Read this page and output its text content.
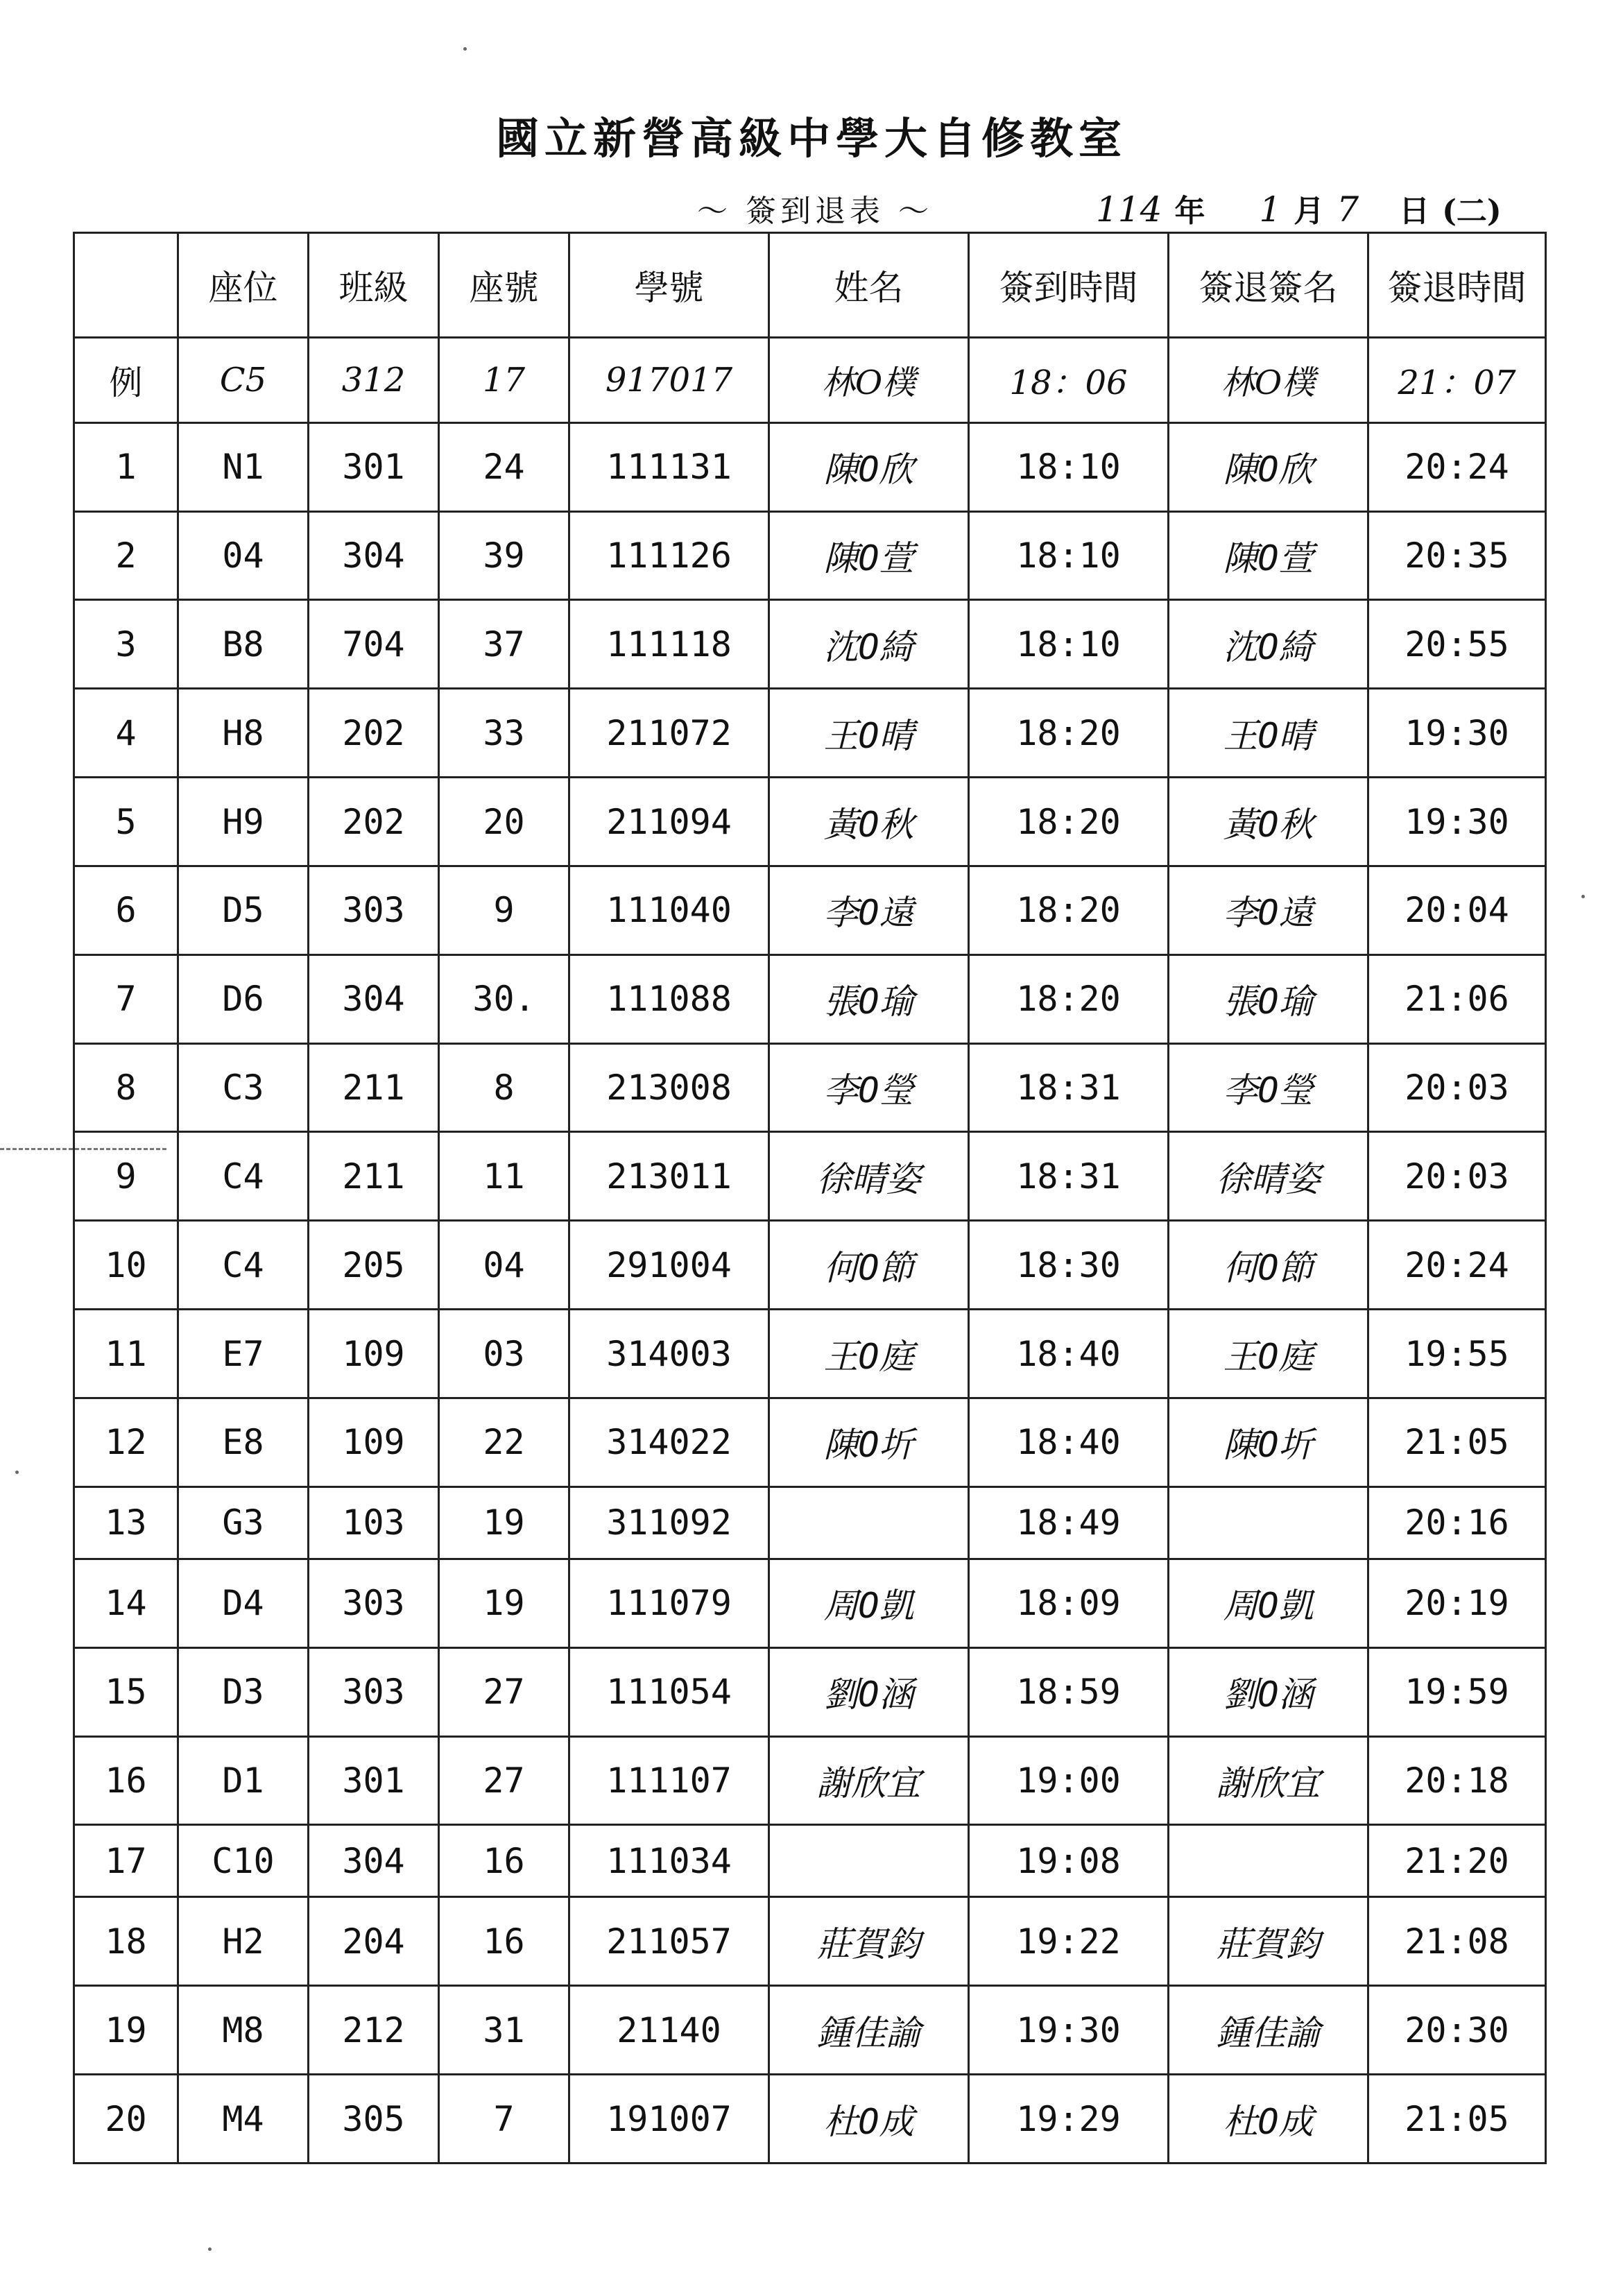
國立新營高級中學大自修教室
～ 簽到退表 ～	114 年 1 月 7 日 (二)
	座位	班級	座號	學號	姓名	簽到時間	簽退簽名	簽退時間
例	C5	312	17	917017	林O樸	18：06	林O樸	21：07
1	N1	301	24	111131	陳O欣	18:10	陳O欣	20:24
2	04	304	39	111126	陳O萱	18:10	陳O萱	20:35
3	B8	704	37	111118	沈O綺	18:10	沈O綺	20:55
4	H8	202	33	211072	王O晴	18:20	王O晴	19:30
5	H9	202	20	211094	黃O秋	18:20	黃O秋	19:30
6	D5	303	9	111040	李O遠	18:20	李O遠	20:04
7	D6	304	30.	111088	張O瑜	18:20	張O瑜	21:06
8	C3	211	8	213008	李O瑩	18:31	李O瑩	20:03
9	C4	211	11	213011	徐晴姿	18:31	徐晴姿	20:03
10	C4	205	04	291004	何O節	18:30	何O節	20:24
11	E7	109	03	314003	王O庭	18:40	王O庭	19:55
12	E8	109	22	314022	陳O圻	18:40	陳O圻	21:05
13	G3	103	19	311092		18:49		20:16
14	D4	303	19	111079	周O凱	18:09	周O凱	20:19
15	D3	303	27	111054	劉O涵	18:59	劉O涵	19:59
16	D1	301	27	111107	謝欣宜	19:00	謝欣宜	20:18
17	C10	304	16	111034		19:08		21:20
18	H2	204	16	211057	莊賀鈞	19:22	莊賀鈞	21:08
19	M8	212	31	21140	鍾佳諭	19:30	鍾佳諭	20:30
20	M4	305	7	191007	杜O成	19:29	杜O成	21:05
